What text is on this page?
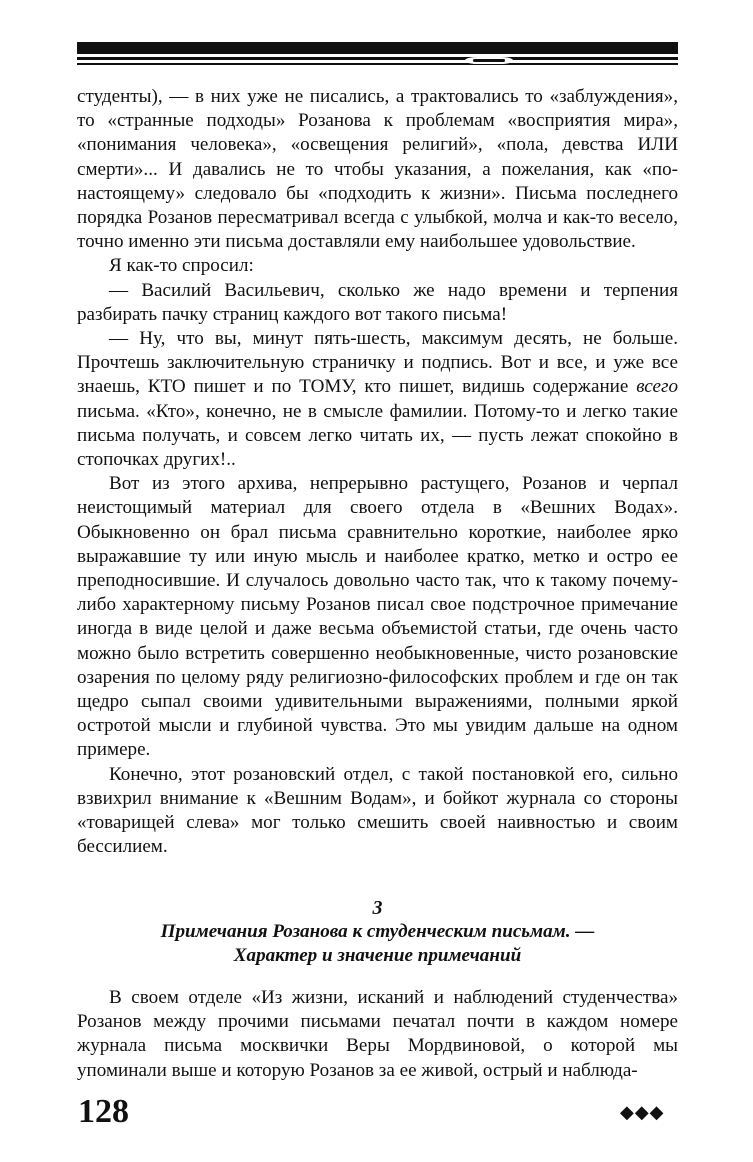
студенты), — в них уже не писались, а трактовались то «заблуждения», то «странные подходы» Розанова к проблемам «восприятия мира», «понимания человека», «освещения религий», «пола, девства ИЛИ смерти»... И давались не то чтобы указания, а пожелания, как «по-настоящему» следовало бы «подходить к жизни». Письма последнего порядка Розанов пересматривал всегда с улыбкой, молча и как-то весело, точно именно эти письма доставляли ему наибольшее удовольствие.

Я как-то спросил:

— Василий Васильевич, сколько же надо времени и терпения разбирать пачку страниц каждого вот такого письма!

— Ну, что вы, минут пять-шесть, максимум десять, не больше. Прочтешь заключительную страничку и подпись. Вот и все, и уже все знаешь, КТО пишет и по ТОМУ, кто пишет, видишь содержание всего письма. «Кто», конечно, не в смысле фамилии. Потому-то и легко такие письма получать, и совсем легко читать их, — пусть лежат спокойно в стопочках других!..

Вот из этого архива, непрерывно растущего, Розанов и черпал неистощимый материал для своего отдела в «Вешних Водах». Обыкновенно он брал письма сравнительно короткие, наиболее ярко выражавшие ту или иную мысль и наиболее кратко, метко и остро ее преподносившие. И случалось довольно часто так, что к такому почему-либо характерному письму Розанов писал свое подстрочное примечание иногда в виде целой и даже весьма объемистой статьи, где очень часто можно было встретить совершенно необыкновенные, чисто розановские озарения по целому ряду религиозно-философских проблем и где он так щедро сыпал своими удивительными выражениями, полными яркой остротой мысли и глубиной чувства. Это мы увидим дальше на одном примере.

Конечно, этот розановский отдел, с такой постановкой его, сильно взвихрил внимание к «Вешним Водам», и бойкот журнала со стороны «товарищей слева» мог только смешить своей наивностью и своим бессилием.

3
Примечания Розанова к студенческим письмам. —
Характер и значение примечаний

В своем отделе «Из жизни, исканий и наблюдений студенчества» Розанов между прочими письмами печатал почти в каждом номере журнала письма москвички Веры Мордвиновой, о которой мы упоминали выше и которую Розанов за ее живой, острый и наблюда-

128	◆◆◆
